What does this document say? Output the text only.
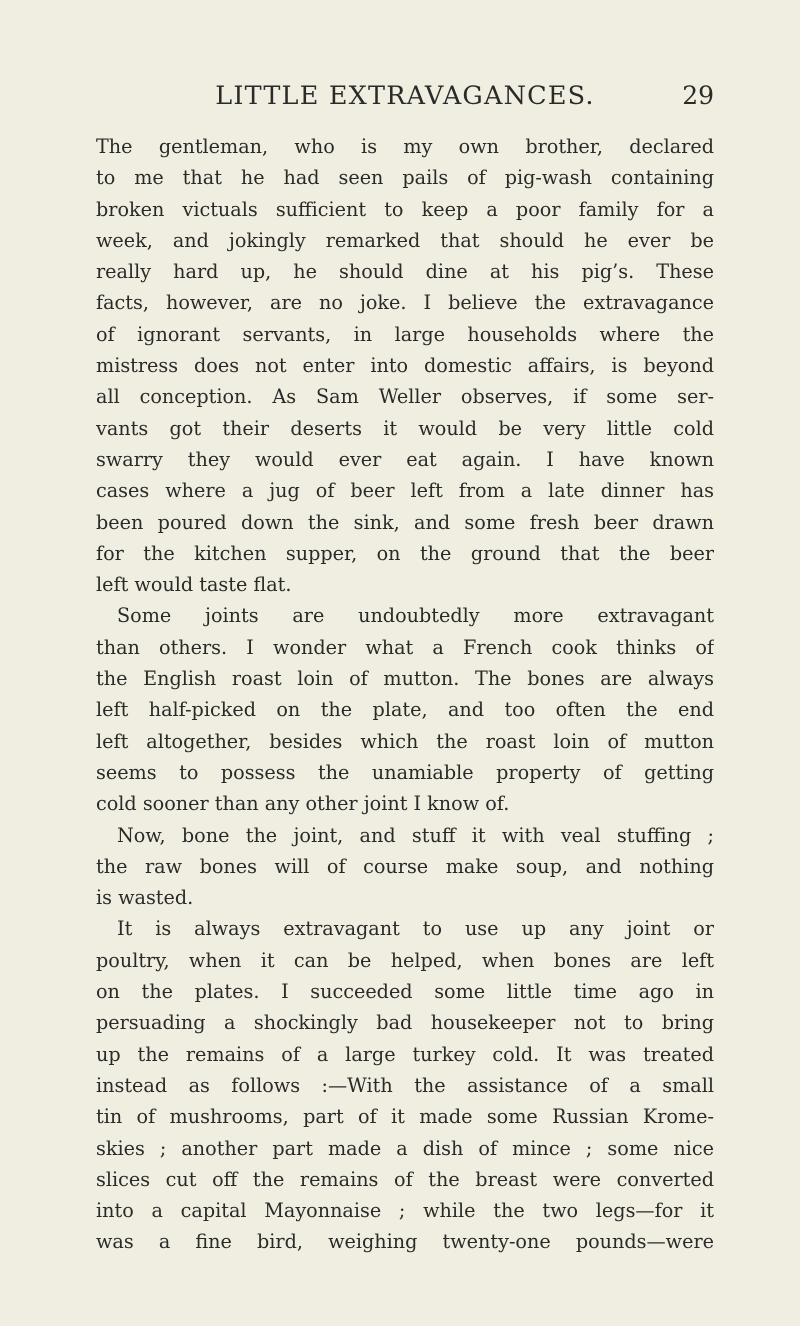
LITTLE EXTRAVAGANCES.	29
The gentleman, who is my own brother, declared
to me that he had seen pails of pig-wash containing
broken victuals sufficient to keep a poor family for a
week, and jokingly remarked that should he ever be
really hard up, he should dine at his pig’s. These
facts, however, are no joke. I believe the extravagance
of ignorant servants, in large households where the
mistress does not enter into domestic affairs, is beyond
all conception. As Sam Weller observes, if some ser-
vants got their deserts it would be very little cold
swarry they would ever eat again. I have known
cases where a jug of beer left from a late dinner has
been poured down the sink, and some fresh beer drawn
for the kitchen supper, on the ground that the beer
left would taste flat.
Some joints are undoubtedly more extravagant
than others. I wonder what a French cook thinks of
the English roast loin of mutton. The bones are always
left half-picked on the plate, and too often the end
left altogether, besides which the roast loin of mutton
seems to possess the unamiable property of getting
cold sooner than any other joint I know of.
Now, bone the joint, and stuff it with veal stuffing ;
the raw bones will of course make soup, and nothing
is wasted.
It is always extravagant to use up any joint or
poultry, when it can be helped, when bones are left
on the plates. I succeeded some little time ago in
persuading a shockingly bad housekeeper not to bring
up the remains of a large turkey cold. It was treated
instead as follows :—With the assistance of a small
tin of mushrooms, part of it made some Russian Krome-
skies ; another part made a dish of mince ; some nice
slices cut off the remains of the breast were converted
into a capital Mayonnaise ; while the two legs—for it
was a fine bird, weighing twenty-one pounds—were
